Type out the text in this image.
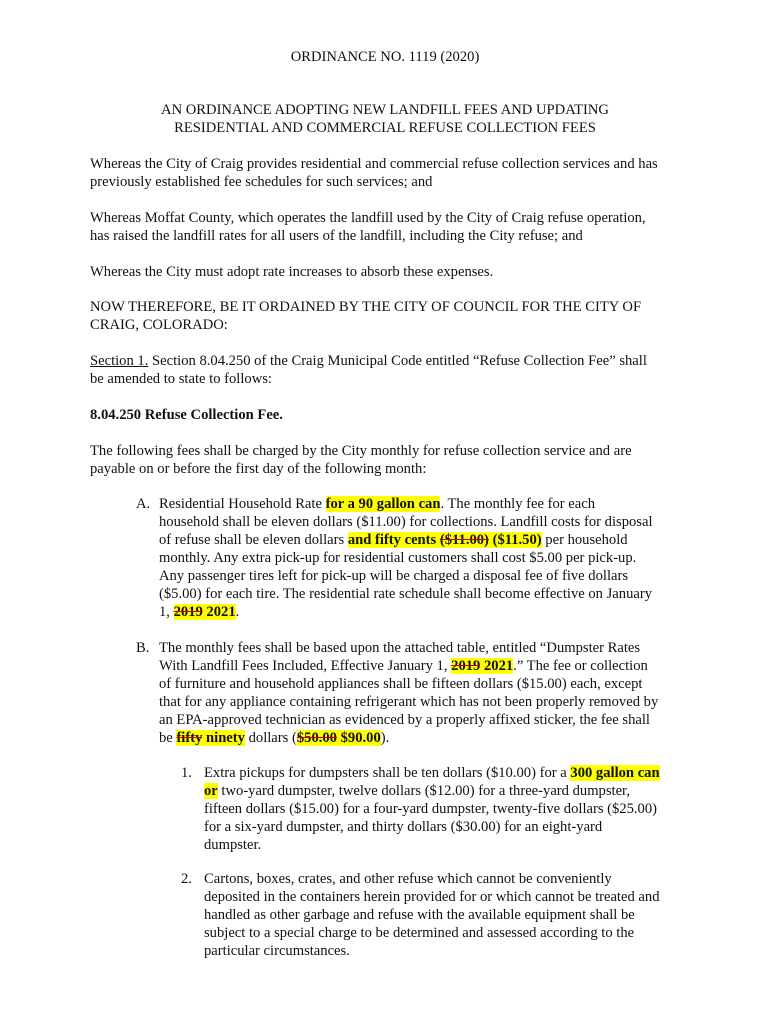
ORDINANCE NO. 1119 (2020)
AN ORDINANCE ADOPTING NEW LANDFILL FEES AND UPDATING
RESIDENTIAL AND COMMERCIAL REFUSE COLLECTION FEES
Whereas the City of Craig provides residential and commercial refuse collection services and has
previously established fee schedules for such services; and
Whereas Moffat County, which operates the landfill used by the City of Craig refuse operation,
has raised the landfill rates for all users of the landfill, including the City refuse; and
Whereas the City must adopt rate increases to absorb these expenses.
NOW THEREFORE, BE IT ORDAINED BY THE CITY OF COUNCIL FOR THE CITY OF
CRAIG, COLORADO:
Section 1. Section 8.04.250 of the Craig Municipal Code entitled “Refuse Collection Fee” shall
be amended to state to follows:
8.04.250 Refuse Collection Fee.
The following fees shall be charged by the City monthly for refuse collection service and are
payable on or before the first day of the following month:
A. Residential Household Rate for a 90 gallon can. The monthly fee for each
household shall be eleven dollars ($11.00) for collections. Landfill costs for disposal
of refuse shall be eleven dollars and fifty cents ($11.00) ($11.50) per household
monthly. Any extra pick-up for residential customers shall cost $5.00 per pick-up.
Any passenger tires left for pick-up will be charged a disposal fee of five dollars
($5.00) for each tire. The residential rate schedule shall become effective on January
1, 2019 2021.
B. The monthly fees shall be based upon the attached table, entitled “Dumpster Rates
With Landfill Fees Included, Effective January 1, 2019 2021.” The fee or collection
of furniture and household appliances shall be fifteen dollars ($15.00) each, except
that for any appliance containing refrigerant which has not been properly removed by
an EPA-approved technician as evidenced by a properly affixed sticker, the fee shall
be fifty ninety dollars ($50.00 $90.00).
1. Extra pickups for dumpsters shall be ten dollars ($10.00) for a 300 gallon can
or two-yard dumpster, twelve dollars ($12.00) for a three-yard dumpster,
fifteen dollars ($15.00) for a four-yard dumpster, twenty-five dollars ($25.00)
for a six-yard dumpster, and thirty dollars ($30.00) for an eight-yard
dumpster.
2. Cartons, boxes, crates, and other refuse which cannot be conveniently
deposited in the containers herein provided for or which cannot be treated and
handled as other garbage and refuse with the available equipment shall be
subject to a special charge to be determined and assessed according to the
particular circumstances.
